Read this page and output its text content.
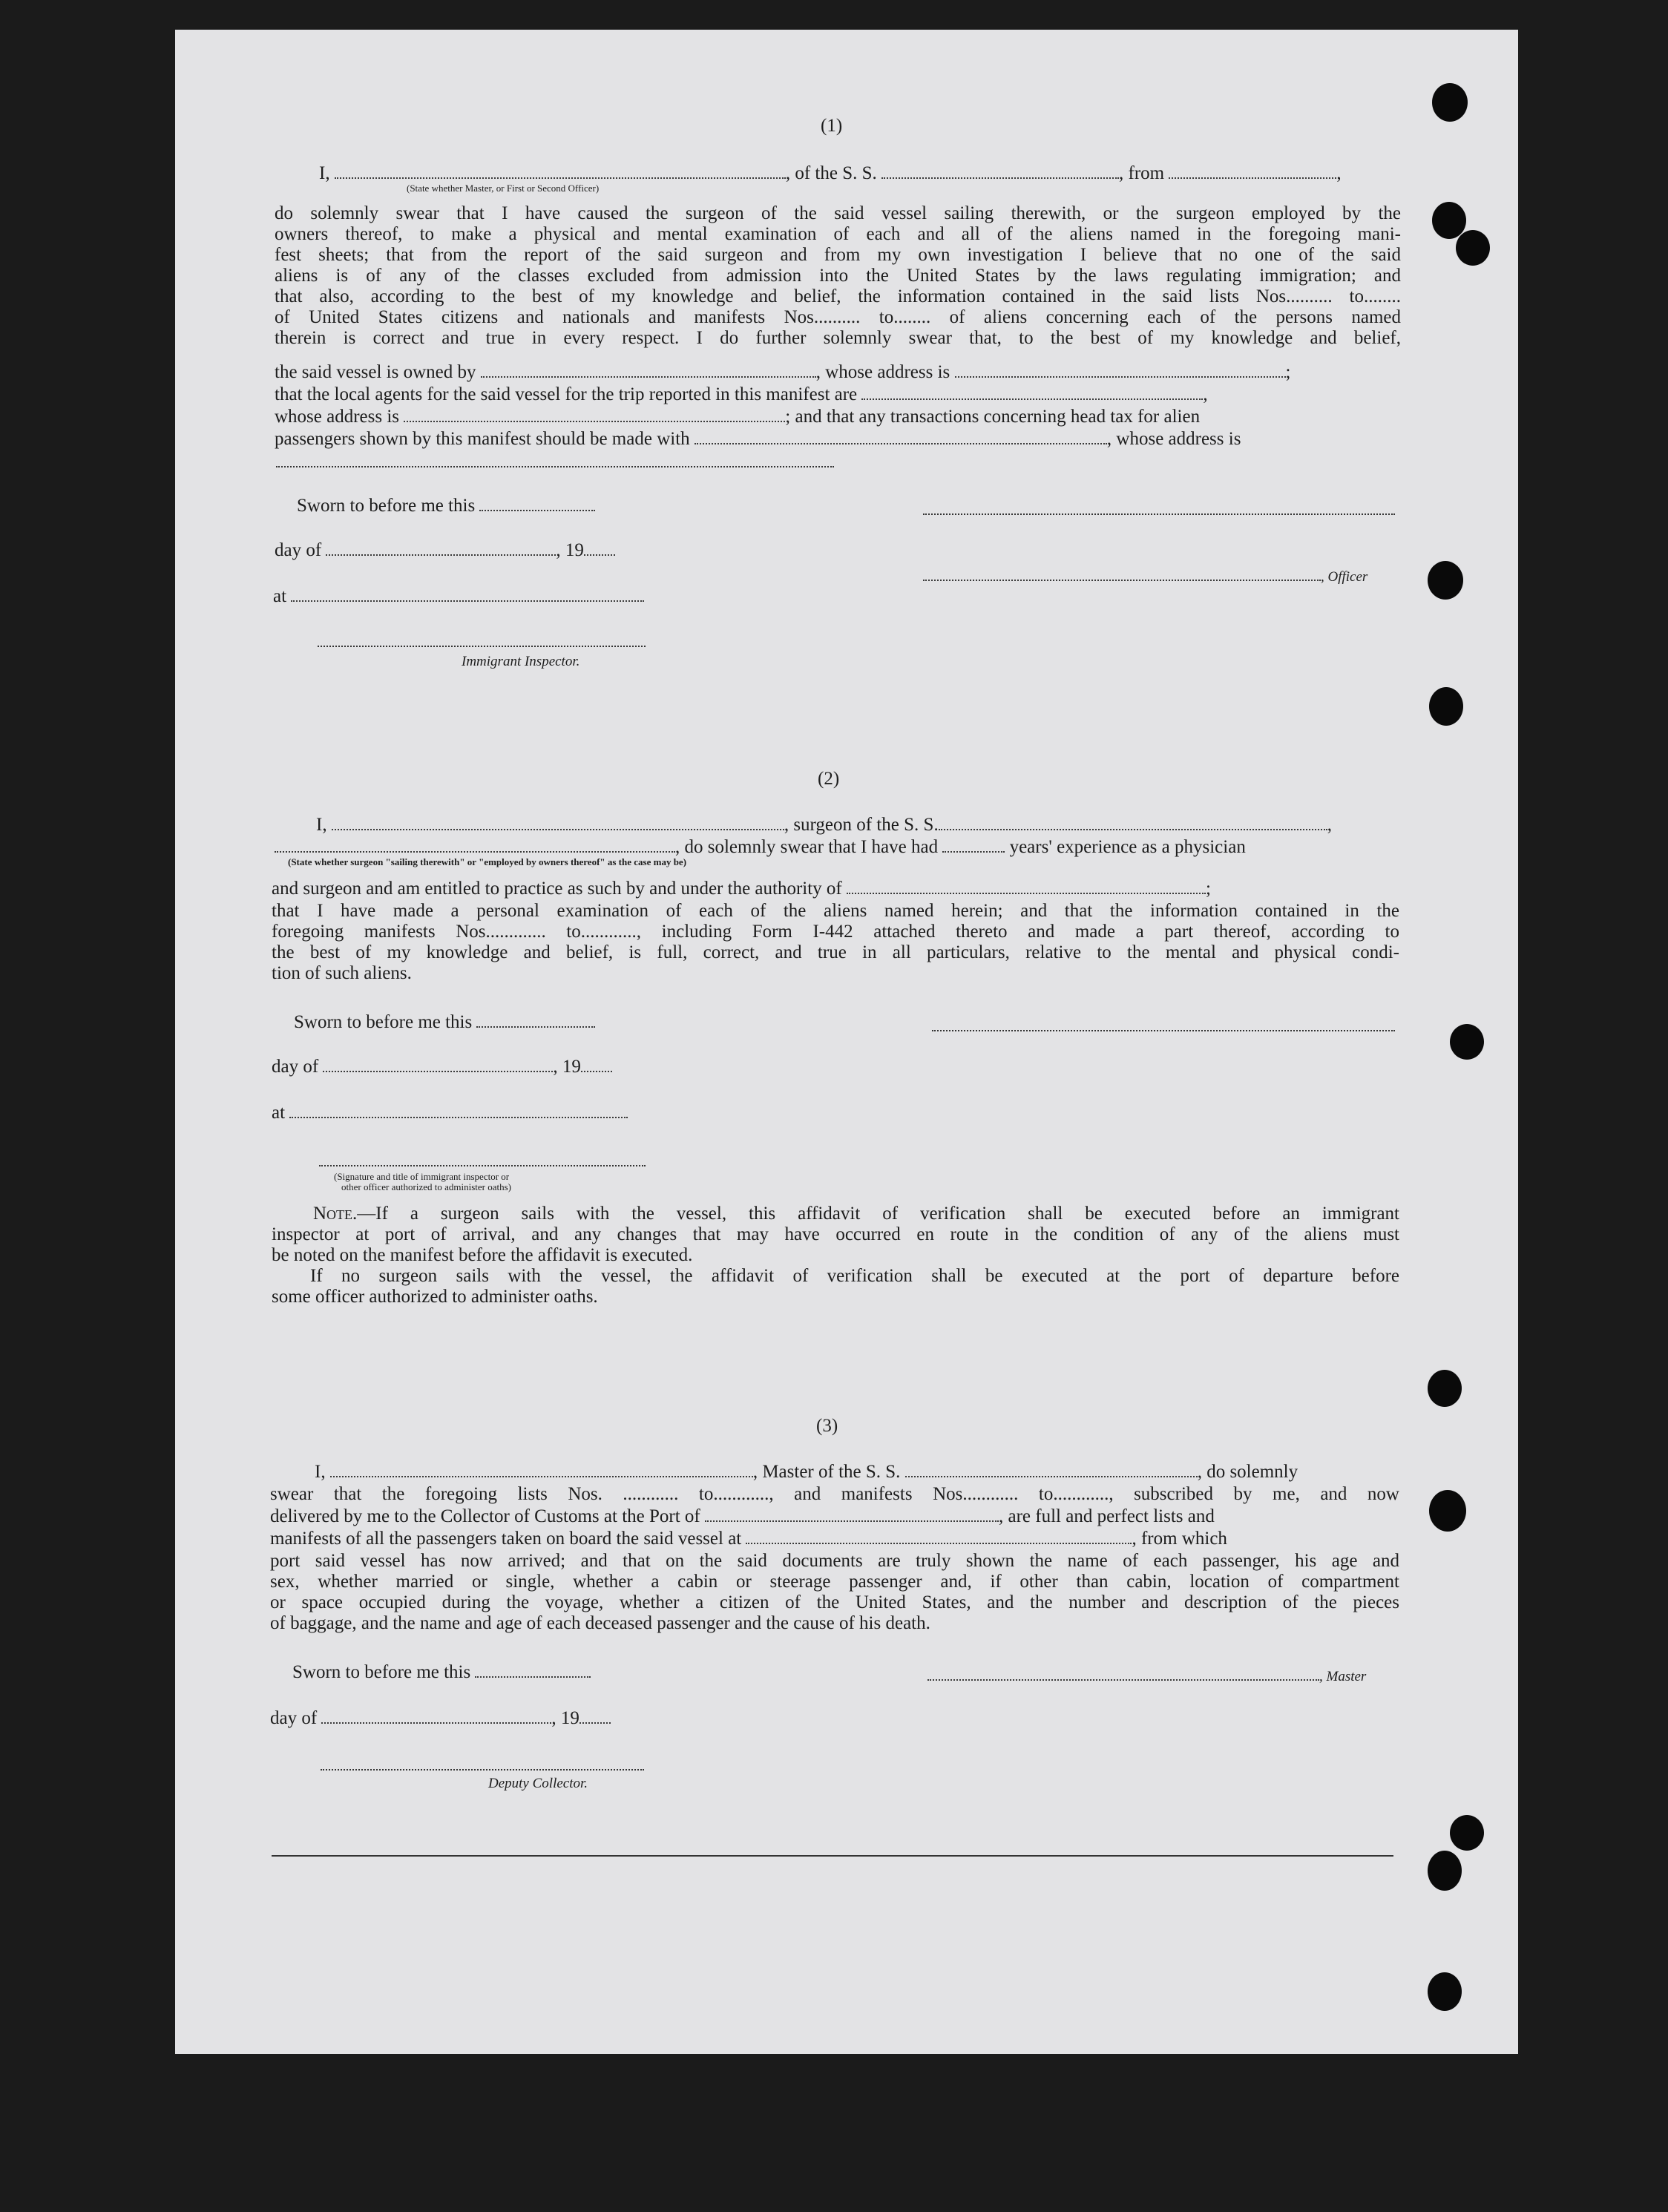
(1)
I,	, of the S. S.	, from	,
(State whether Master, or First or Second Officer)
do solemnly swear that I have caused the surgeon of the said vessel sailing therewith, or the surgeon employed by the
owners thereof, to make a physical and mental examination of each and all of the aliens named in the foregoing mani-
fest sheets; that from the report of the said surgeon and from my own investigation I believe that no one of the said
aliens is of any of the classes excluded from admission into the United States by the laws regulating immigration; and
that also, according to the best of my knowledge and belief, the information contained in the said lists Nos.......... to........
of United States citizens and nationals and manifests Nos.......... to........ of aliens concerning each of the persons named
therein is correct and true in every respect. I do further solemnly swear that, to the best of my knowledge and belief,
the said vessel is owned by	, whose address is	;
that the local agents for the said vessel for the trip reported in this manifest are	,
whose address is	; and that any transactions concerning head tax for alien
passengers shown by this manifest should be made with	, whose address is
Sworn to before me this
day of	, 19
, Officer
at
Immigrant Inspector.
(2)
I,	, surgeon of the S. S.	,
, do solemnly swear that I have had	years' experience as a physician
(State whether surgeon "sailing therewith" or "employed by owners thereof" as the case may be)
and surgeon and am entitled to practice as such by and under the authority of	;
that I have made a personal examination of each of the aliens named herein; and that the information contained in the
foregoing manifests Nos............. to............, including Form I-442 attached thereto and made a part thereof, according to
the best of my knowledge and belief, is full, correct, and true in all particulars, relative to the mental and physical condi-
tion of such aliens.
Sworn to before me this
day of	, 19
at
(Signature and title of immigrant inspector or
other officer authorized to administer oaths)
Note.—If a surgeon sails with the vessel, this affidavit of verification shall be executed before an immigrant
inspector at port of arrival, and any changes that may have occurred en route in the condition of any of the aliens must
be noted on the manifest before the affidavit is executed.
If no surgeon sails with the vessel, the affidavit of verification shall be executed at the port of departure before
some officer authorized to administer oaths.
(3)
I,	, Master of the S. S.	, do solemnly
swear that the foregoing lists Nos. ............ to............, and manifests Nos............ to............, subscribed by me, and now
delivered by me to the Collector of Customs at the Port of	, are full and perfect lists and
manifests of all the passengers taken on board the said vessel at	, from which
port said vessel has now arrived; and that on the said documents are truly shown the name of each passenger, his age and
sex, whether married or single, whether a cabin or steerage passenger and, if other than cabin, location of compartment
or space occupied during the voyage, whether a citizen of the United States, and the number and description of the pieces
of baggage, and the name and age of each deceased passenger and the cause of his death.
Sworn to before me this	, Master
day of	, 19
Deputy Collector.
